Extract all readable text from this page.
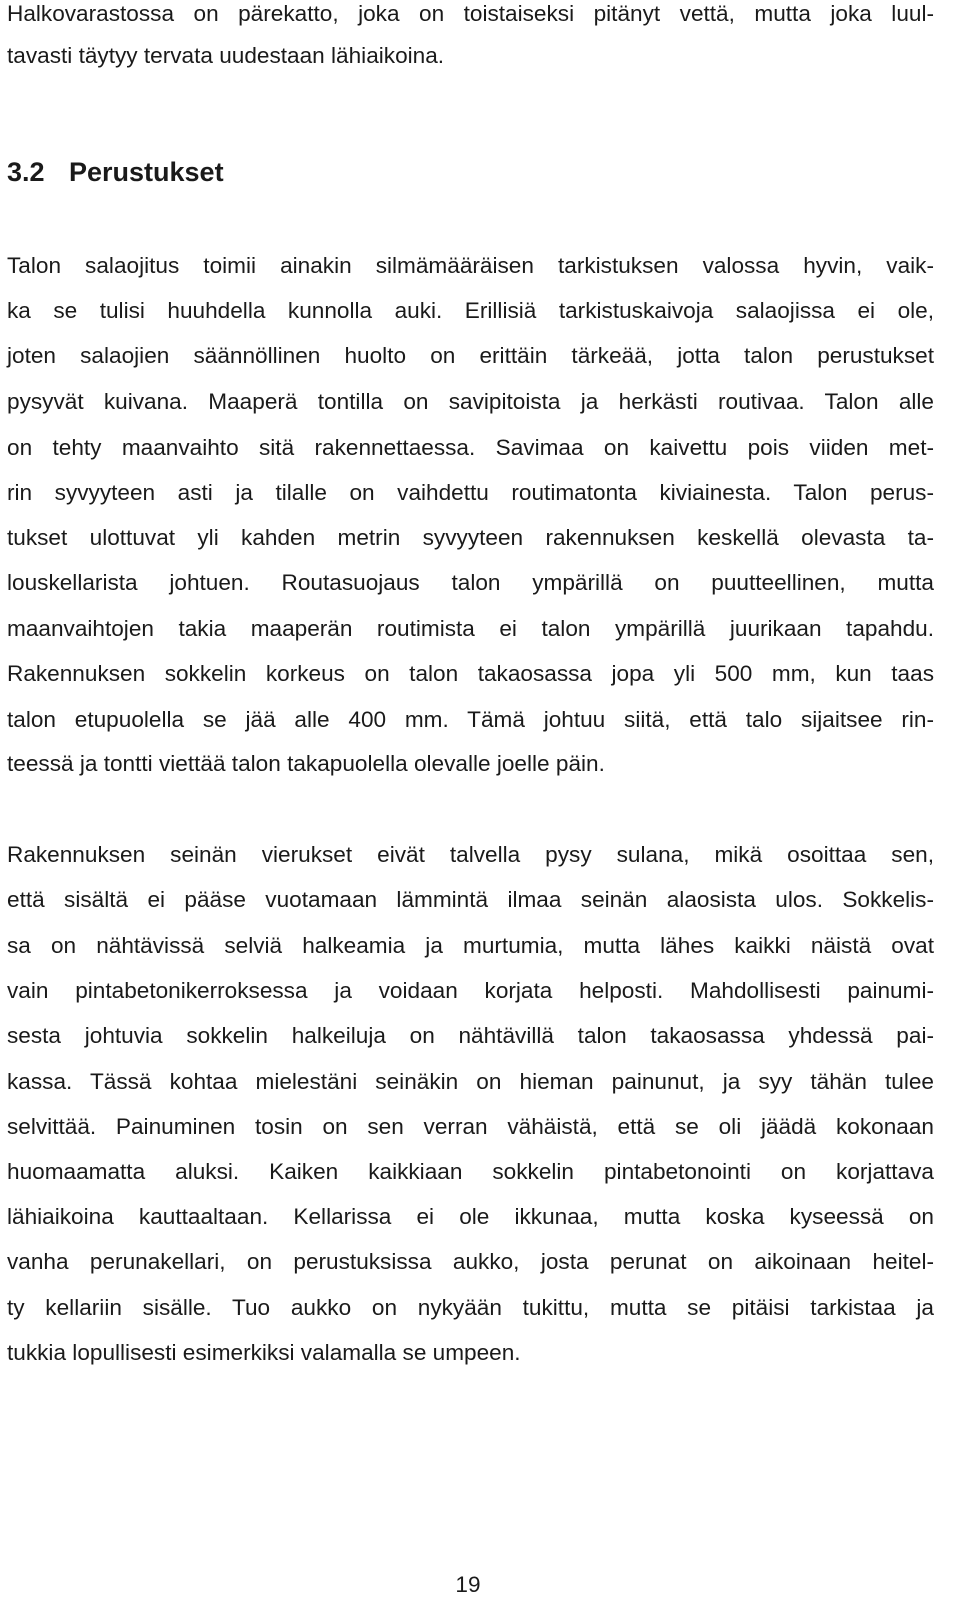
Halkovarastossa on pärekatto, joka on toistaiseksi pitänyt vettä, mutta joka luul-
tavasti täytyy tervata uudestaan lähiaikoina.
3.2 Perustukset
Talon salaojitus toimii ainakin silmämääräisen tarkistuksen valossa hyvin, vaik-
ka se tulisi huuhdella kunnolla auki. Erillisiä tarkistuskaivoja salaojissa ei ole,
joten salaojien säännöllinen huolto on erittäin tärkeää, jotta talon perustukset
pysyvät kuivana. Maaperä tontilla on savipitoista ja herkästi routivaa. Talon alle
on tehty maanvaihto sitä rakennettaessa. Savimaa on kaivettu pois viiden met-
rin syvyyteen asti ja tilalle on vaihdettu routimatonta kiviainesta. Talon perus-
tukset ulottuvat yli kahden metrin syvyyteen rakennuksen keskellä olevasta ta-
louskellarista johtuen. Routasuojaus talon ympärillä on puutteellinen, mutta
maanvaihtojen takia maaperän routimista ei talon ympärillä juurikaan tapahdu.
Rakennuksen sokkelin korkeus on talon takaosassa jopa yli 500 mm, kun taas
talon etupuolella se jää alle 400 mm. Tämä johtuu siitä, että talo sijaitsee rin-
teessä ja tontti viettää talon takapuolella olevalle joelle päin.
Rakennuksen seinän vierukset eivät talvella pysy sulana, mikä osoittaa sen,
että sisältä ei pääse vuotamaan lämmintä ilmaa seinän alaosista ulos. Sokkelis-
sa on nähtävissä selviä halkeamia ja murtumia, mutta lähes kaikki näistä ovat
vain pintabetonikerroksessa ja voidaan korjata helposti. Mahdollisesti painumi-
sesta johtuvia sokkelin halkeiluja on nähtävillä talon takaosassa yhdessä pai-
kassa. Tässä kohtaa mielestäni seinäkin on hieman painunut, ja syy tähän tulee
selvittää. Painuminen tosin on sen verran vähäistä, että se oli jäädä kokonaan
huomaamatta aluksi. Kaiken kaikkiaan sokkelin pintabetonointi on korjattava
lähiaikoina kauttaaltaan. Kellarissa ei ole ikkunaa, mutta koska kyseessä on
vanha perunakellari, on perustuksissa aukko, josta perunat on aikoinaan heitel-
ty kellariin sisälle. Tuo aukko on nykyään tukittu, mutta se pitäisi tarkistaa ja
tukkia lopullisesti esimerkiksi valamalla se umpeen.
19
